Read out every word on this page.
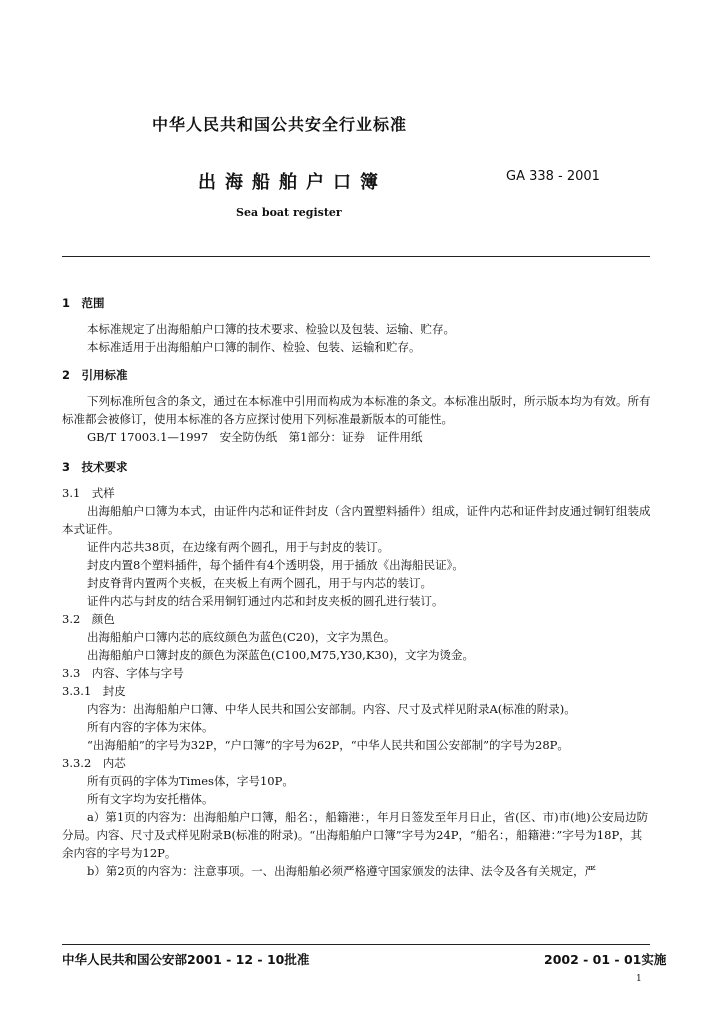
中华人民共和国公共安全行业标准
出海船舶户口簿	GA 338 - 2001
Sea boat register

1　范围

本标准规定了出海船舶户口簿的技术要求、检验以及包装、运输、贮存。

本标准适用于出海船舶户口簿的制作、检验、包装、运输和贮存。

2　引用标准

下列标准所包含的条文，通过在本标准中引用而构成为本标准的条文。本标准出版时，所示版本均为有效。所有标准都会被修订，使用本标准的各方应探讨使用下列标准最新版本的可能性。

GB/T 17003.1—1997　安全防伪纸　第1部分：证券　证件用纸

3　技术要求

3.1　式样

出海船舶户口簿为本式，由证件内芯和证件封皮（含内置塑料插件）组成，证件内芯和证件封皮通过铜钉组装成本式证件。

证件内芯共38页，在边缘有两个圆孔，用于与封皮的装订。

封皮内置8个塑料插件，每个插件有4个透明袋，用于插放《出海船民证》。

封皮脊背内置两个夹板，在夹板上有两个圆孔，用于与内芯的装订。

证件内芯与封皮的结合采用铜钉通过内芯和封皮夹板的圆孔进行装订。

3.2　颜色

出海船舶户口簿内芯的底纹颜色为蓝色(C20)，文字为黑色。

出海船舶户口簿封皮的颜色为深蓝色(C100,M75,Y30,K30)，文字为烫金。

3.3　内容、字体与字号

3.3.1　封皮

内容为：出海船舶户口簿、中华人民共和国公安部制。内容、尺寸及式样见附录A(标准的附录)。

所有内容的字体为宋体。

“出海船舶”的字号为32P，“户口簿”的字号为62P，“中华人民共和国公安部制”的字号为28P。

3.3.2　内芯

所有页码的字体为Times体，字号10P。

所有文字均为安托楷体。

a）第1页的内容为：出海船舶户口簿，船名：，船籍港：，年月日签发至年月日止，省(区、市)市(地)公安局边防分局。内容、尺寸及式样见附录B(标准的附录)。“出海船舶户口簿”字号为24P，“船名：，船籍港：”字号为18P，其余内容的字号为12P。

b）第2页的内容为：注意事项。一、出海船舶必须严格遵守国家颁发的法律、法令及各有关规定，严

中华人民共和国公安部2001 - 12 - 10批准	2002 - 01 - 01实施
1
